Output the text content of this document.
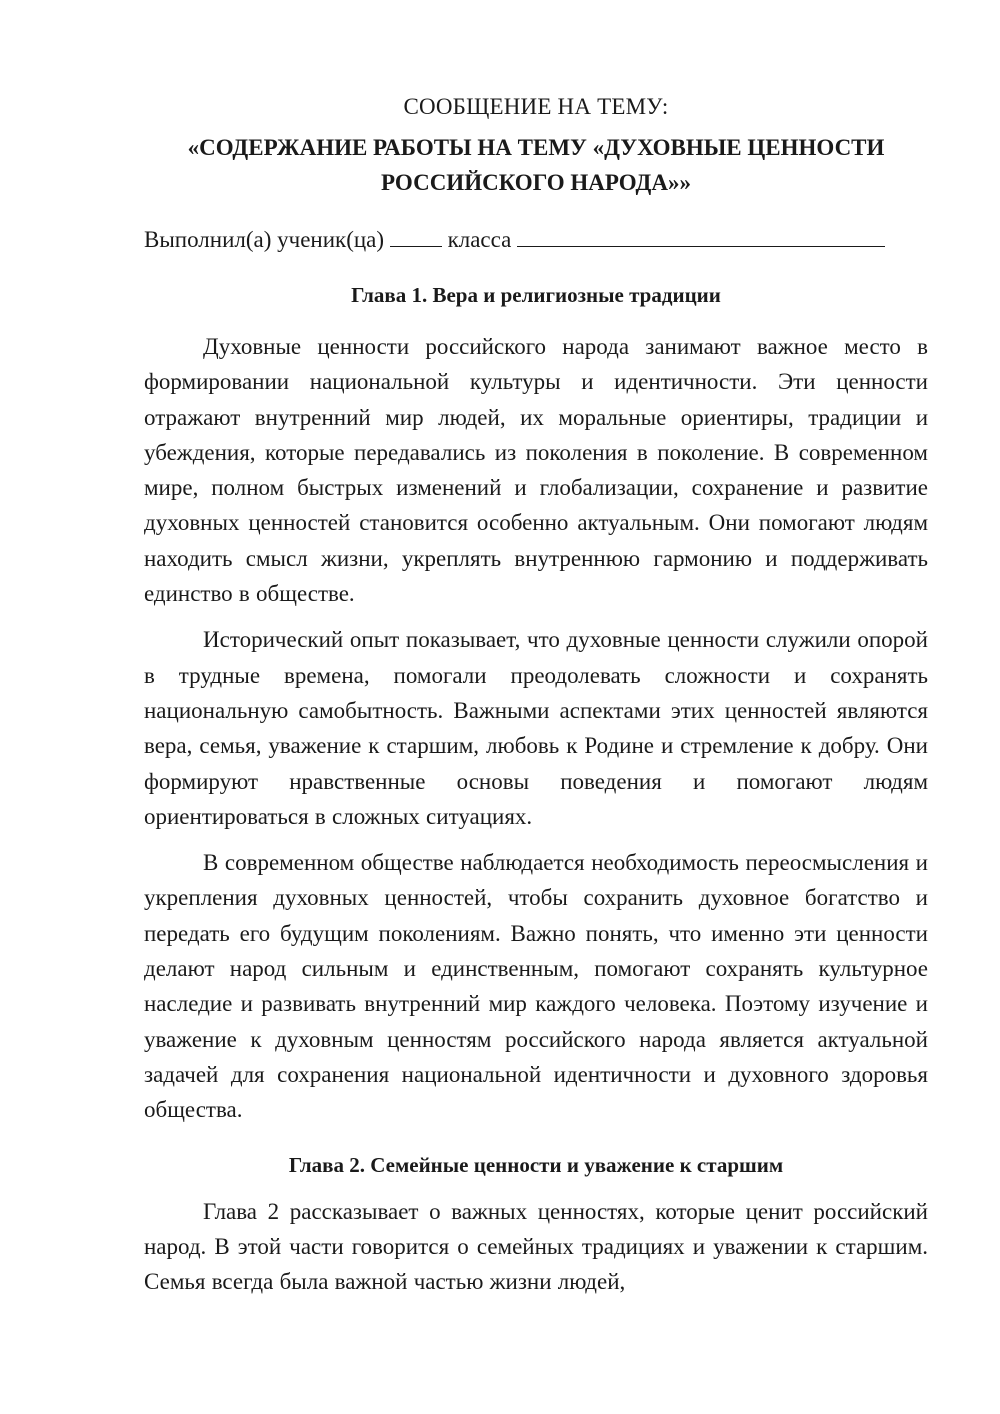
СООБЩЕНИЕ НА ТЕМУ:

«СОДЕРЖАНИЕ РАБОТЫ НА ТЕМУ «ДУХОВНЫЕ ЦЕННОСТИ

РОССИЙСКОГО НАРОДА»»

Выполнил(а) ученик(ца)	класса

Глава 1. Вера и религиозные традиции

Духовные ценности российского народа занимают важное место в формировании национальной культуры и идентичности. Эти ценности отражают внутренний мир людей, их моральные ориентиры, традиции и убеждения, которые передавались из поколения в поколение. В современном мире, полном быстрых изменений и глобализации, сохранение и развитие духовных ценностей становится особенно актуальным. Они помогают людям находить смысл жизни, укреплять внутреннюю гармонию и поддерживать единство в обществе.

Исторический опыт показывает, что духовные ценности служили опорой в трудные времена, помогали преодолевать сложности и сохранять национальную самобытность. Важными аспектами этих ценностей являются вера, семья, уважение к старшим, любовь к Родине и стремление к добру. Они формируют нравственные основы поведения и помогают людям ориентироваться в сложных ситуациях.

В современном обществе наблюдается необходимость переосмысления и укрепления духовных ценностей, чтобы сохранить духовное богатство и передать его будущим поколениям. Важно понять, что именно эти ценности делают народ сильным и единственным, помогают сохранять культурное наследие и развивать внутренний мир каждого человека. Поэтому изучение и уважение к духовным ценностям российского народа является актуальной задачей для сохранения национальной идентичности и духовного здоровья общества.

Глава 2. Семейные ценности и уважение к старшим

Глава 2 рассказывает о важных ценностях, которые ценит российский народ. В этой части говорится о семейных традициях и уважении к старшим. Семья всегда была важной частью жизни людей,
